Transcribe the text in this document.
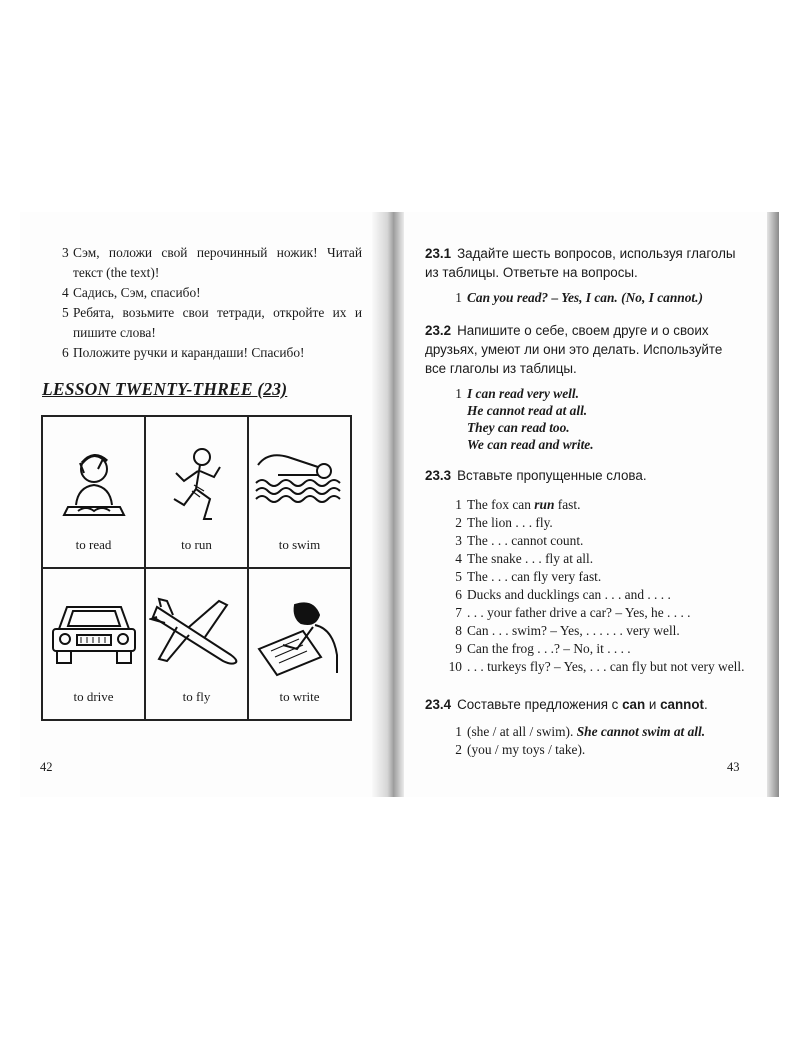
3 Сэм, положи свой перочинный ножик! Читай текст (the text)!
4 Садись, Сэм, спасибо!
5 Ребята, возьмите свои тетради, откройте их и пишите слова!
6 Положите ручки и карандаши! Спасибо!
LESSON TWENTY-THREE (23)
to read	to run	to swim
to drive	to fly	to write
42
23.1 Задайте шесть вопросов, используя глаголы из таблицы. Ответьте на вопросы.
1 Can you read? – Yes, I can. (No, I cannot.)
23.2 Напишите о себе, своем друге и о своих друзьях, умеют ли они это делать. Используйте все глаголы из таблицы.
1 I can read very well.
He cannot read at all.
They can read too.
We can read and write.
23.3 Вставьте пропущенные слова.
1 The fox can run fast.
2 The lion . . . fly.
3 The . . . cannot count.
4 The snake . . . fly at all.
5 The . . . can fly very fast.
6 Ducks and ducklings can . . . and . . . .
7 . . . your father drive a car? – Yes, he . . . .
8 Can . . . swim? – Yes, . . . . . . very well.
9 Can the frog . . .? – No, it . . . .
10 . . . turkeys fly? – Yes, . . . can fly but not very well.
23.4 Составьте предложения с can и cannot.
1 (she / at all / swim). She cannot swim at all.
2 (you / my toys / take).
43
